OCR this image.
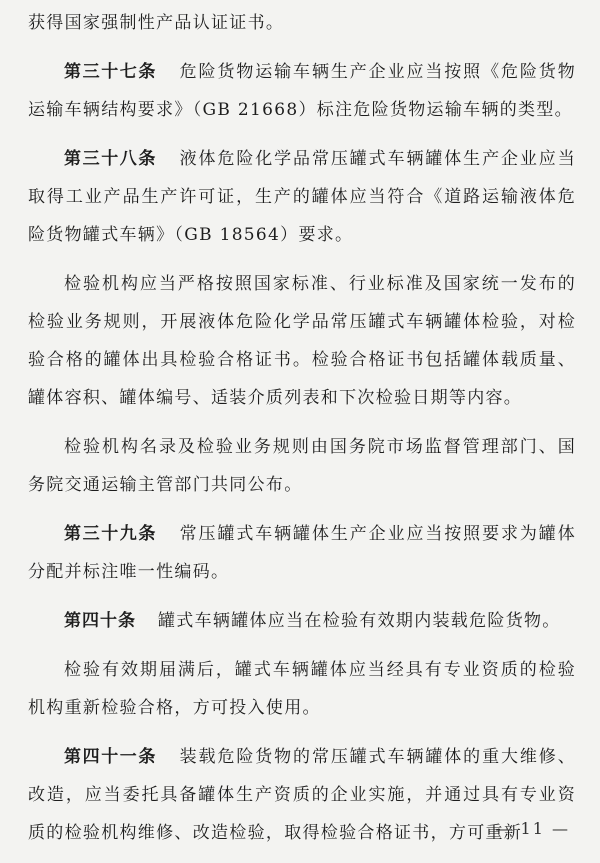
获得国家强制性产品认证证书。

第三十七条 危险货物运输车辆生产企业应当按照《危险货物运输车辆结构要求》（GB 21668）标注危险货物运输车辆的类型。

第三十八条 液体危险化学品常压罐式车辆罐体生产企业应当取得工业产品生产许可证，生产的罐体应当符合《道路运输液体危险货物罐式车辆》（GB 18564）要求。

检验机构应当严格按照国家标准、行业标准及国家统一发布的检验业务规则，开展液体危险化学品常压罐式车辆罐体检验，对检验合格的罐体出具检验合格证书。检验合格证书包括罐体载质量、罐体容积、罐体编号、适装介质列表和下次检验日期等内容。

检验机构名录及检验业务规则由国务院市场监督管理部门、国务院交通运输主管部门共同公布。

第三十九条 常压罐式车辆罐体生产企业应当按照要求为罐体分配并标注唯一性编码。

第四十条 罐式车辆罐体应当在检验有效期内装载危险货物。

检验有效期届满后，罐式车辆罐体应当经具有专业资质的检验机构重新检验合格，方可投入使用。

第四十一条 装载危险货物的常压罐式车辆罐体的重大维修、改造，应当委托具备罐体生产资质的企业实施，并通过具有专业资质的检验机构维修、改造检验，取得检验合格证书，方可重新

— 11 —
